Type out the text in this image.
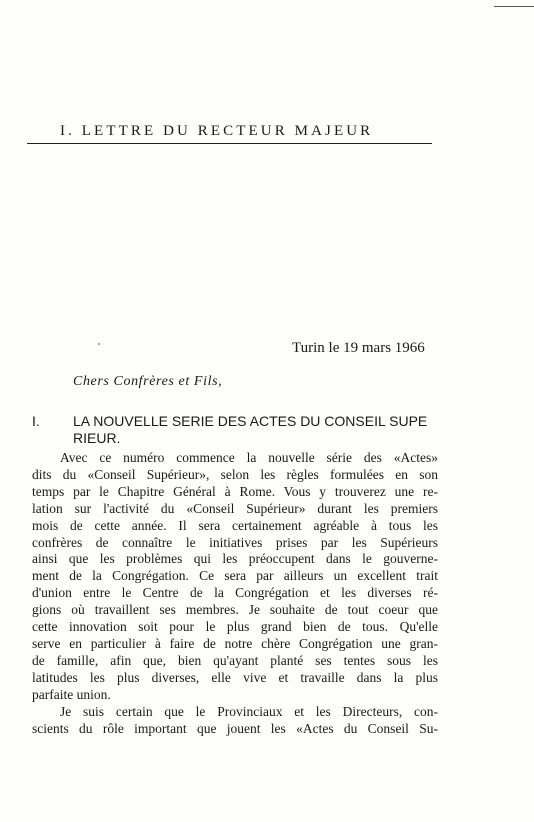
I. LETTRE DU RECTEUR MAJEUR
Turin le 19 mars 1966
Chers Confrères et Fils,
I. LA NOUVELLE SERIE DES ACTES DU CONSEIL SUPE
RIEUR.
Avec ce numéro commence la nouvelle série des «Actes»
dits du «Conseil Supérieur», selon les règles formulées en son
temps par le Chapitre Général à Rome. Vous y trouverez une re-
lation sur l'activité du «Conseil Supérieur» durant les premiers
mois de cette année. Il sera certainement agréable à tous les
confrères de connaître le initiatives prises par les Supérieurs
ainsi que les problèmes qui les préoccupent dans le gouverne-
ment de la Congrégation. Ce sera par ailleurs un excellent trait
d'union entre le Centre de la Congrégation et les diverses ré-
gions où travaillent ses membres. Je souhaite de tout coeur que
cette innovation soit pour le plus grand bien de tous. Qu'elle
serve en particulier à faire de notre chère Congrégation une gran-
de famille, afin que, bien qu'ayant planté ses tentes sous les
latitudes les plus diverses, elle vive et travaille dans la plus
parfaite union.
Je suis certain que le Provinciaux et les Directeurs, con-
scients du rôle important que jouent les «Actes du Conseil Su-
